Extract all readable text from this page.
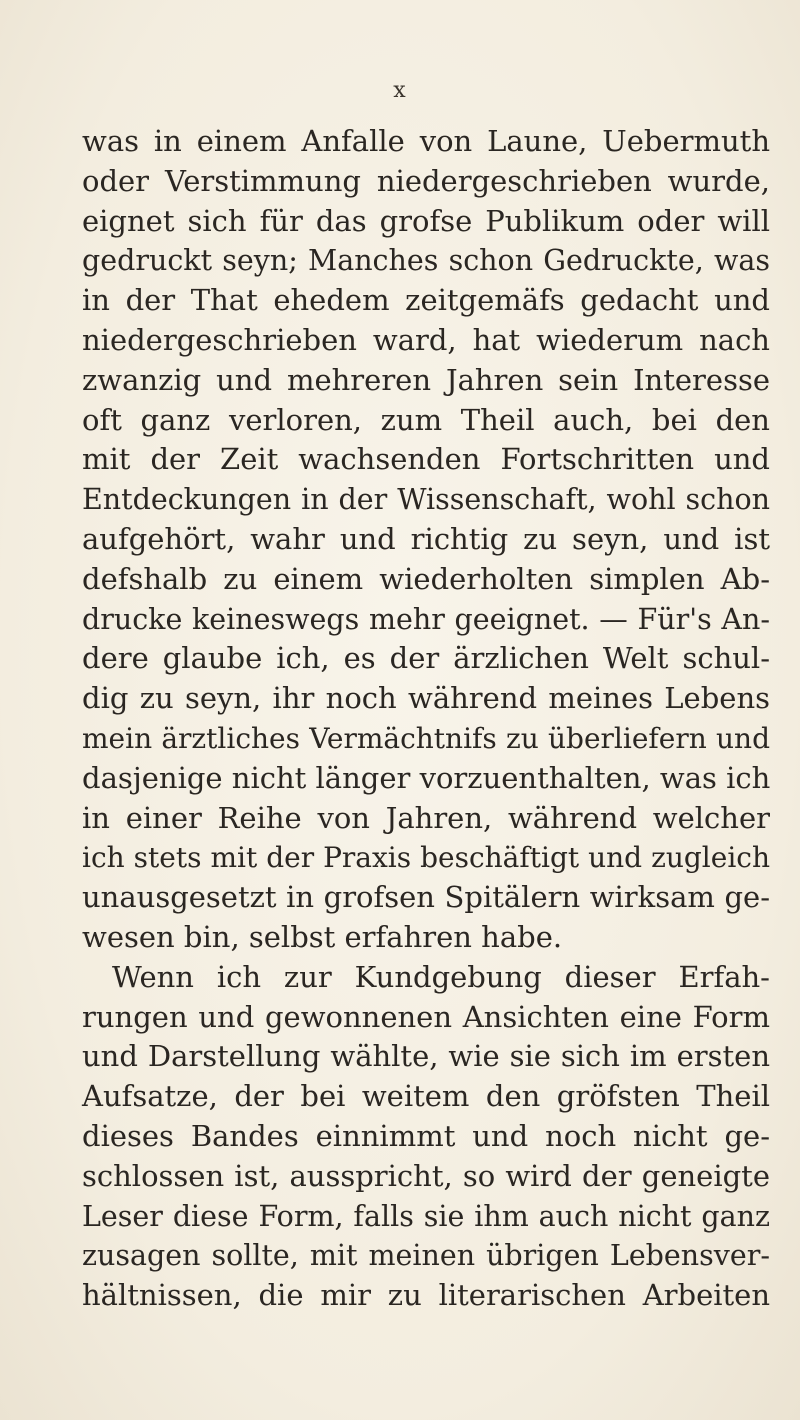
x
was in einem Anfalle von Laune, Uebermuth
oder Verstimmung niedergeschrieben wurde,
eignet sich für das grofse Publikum oder will
gedruckt seyn; Manches schon Gedruckte, was
in der That ehedem zeitgemäfs gedacht und
niedergeschrieben ward, hat wiederum nach
zwanzig und mehreren Jahren sein Interesse
oft ganz verloren, zum Theil auch, bei den
mit der Zeit wachsenden Fortschritten und
Entdeckungen in der Wissenschaft, wohl schon
aufgehört, wahr und richtig zu seyn, und ist
defshalb zu einem wiederholten simplen Ab-
drucke keineswegs mehr geeignet. — Für's An-
dere glaube ich, es der ärzlichen Welt schul-
dig zu seyn, ihr noch während meines Lebens
mein ärztliches Vermächtnifs zu überliefern und
dasjenige nicht länger vorzuenthalten, was ich
in einer Reihe von Jahren, während welcher
ich stets mit der Praxis beschäftigt und zugleich
unausgesetzt in grofsen Spitälern wirksam ge-
wesen bin, selbst erfahren habe.
Wenn ich zur Kundgebung dieser Erfah-
rungen und gewonnenen Ansichten eine Form
und Darstellung wählte, wie sie sich im ersten
Aufsatze, der bei weitem den gröfsten Theil
dieses Bandes einnimmt und noch nicht ge-
schlossen ist, ausspricht, so wird der geneigte
Leser diese Form, falls sie ihm auch nicht ganz
zusagen sollte, mit meinen übrigen Lebensver-
hältnissen, die mir zu literarischen Arbeiten
